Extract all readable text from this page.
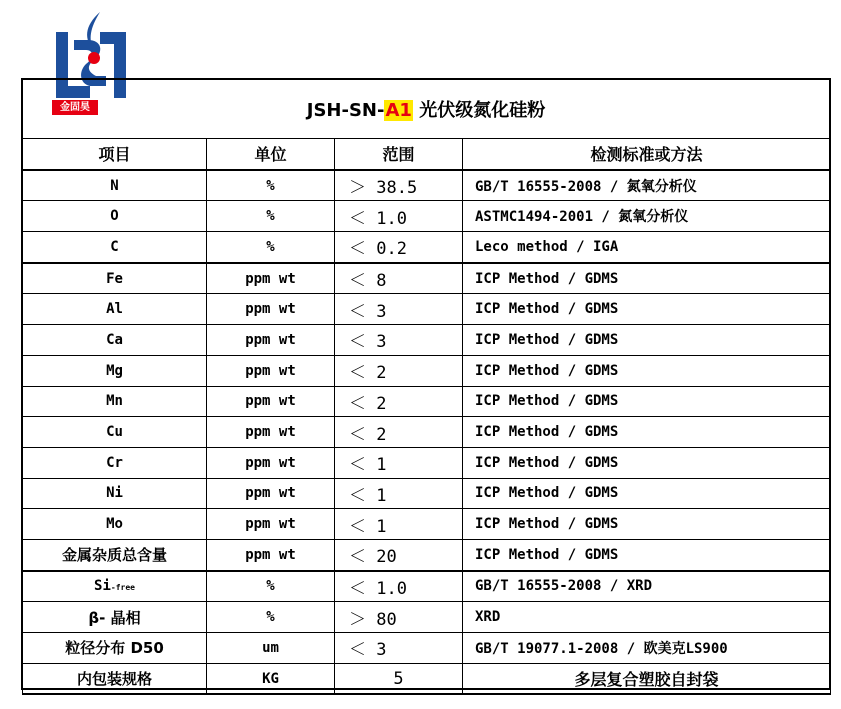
金固昊	JSH-SN-A1 光伏级氮化硅粉
项目	单位	范围	检测标准或方法
N	%	＞ 38.5	GB/T 16555-2008 / 氮氧分析仪
O	%	＜ 1.0	ASTMC1494-2001 / 氮氧分析仪
C	%	＜ 0.2	Leco method / IGA
Fe	ppm wt	＜ 8	ICP Method / GDMS
Al	ppm wt	＜ 3	ICP Method / GDMS
Ca	ppm wt	＜ 3	ICP Method / GDMS
Mg	ppm wt	＜ 2	ICP Method / GDMS
Mn	ppm wt	＜ 2	ICP Method / GDMS
Cu	ppm wt	＜ 2	ICP Method / GDMS
Cr	ppm wt	＜ 1	ICP Method / GDMS
Ni	ppm wt	＜ 1	ICP Method / GDMS
Mo	ppm wt	＜ 1	ICP Method / GDMS
金属杂质总含量	ppm wt	＜ 20	ICP Method / GDMS
Si-free	%	＜ 1.0	GB/T 16555-2008 / XRD
β- 晶相	%	＞ 80	XRD
粒径分布 D50	um	＜ 3	GB/T 19077.1-2008 / 欧美克LS900
内包装规格	KG	5	多层复合塑胶自封袋
